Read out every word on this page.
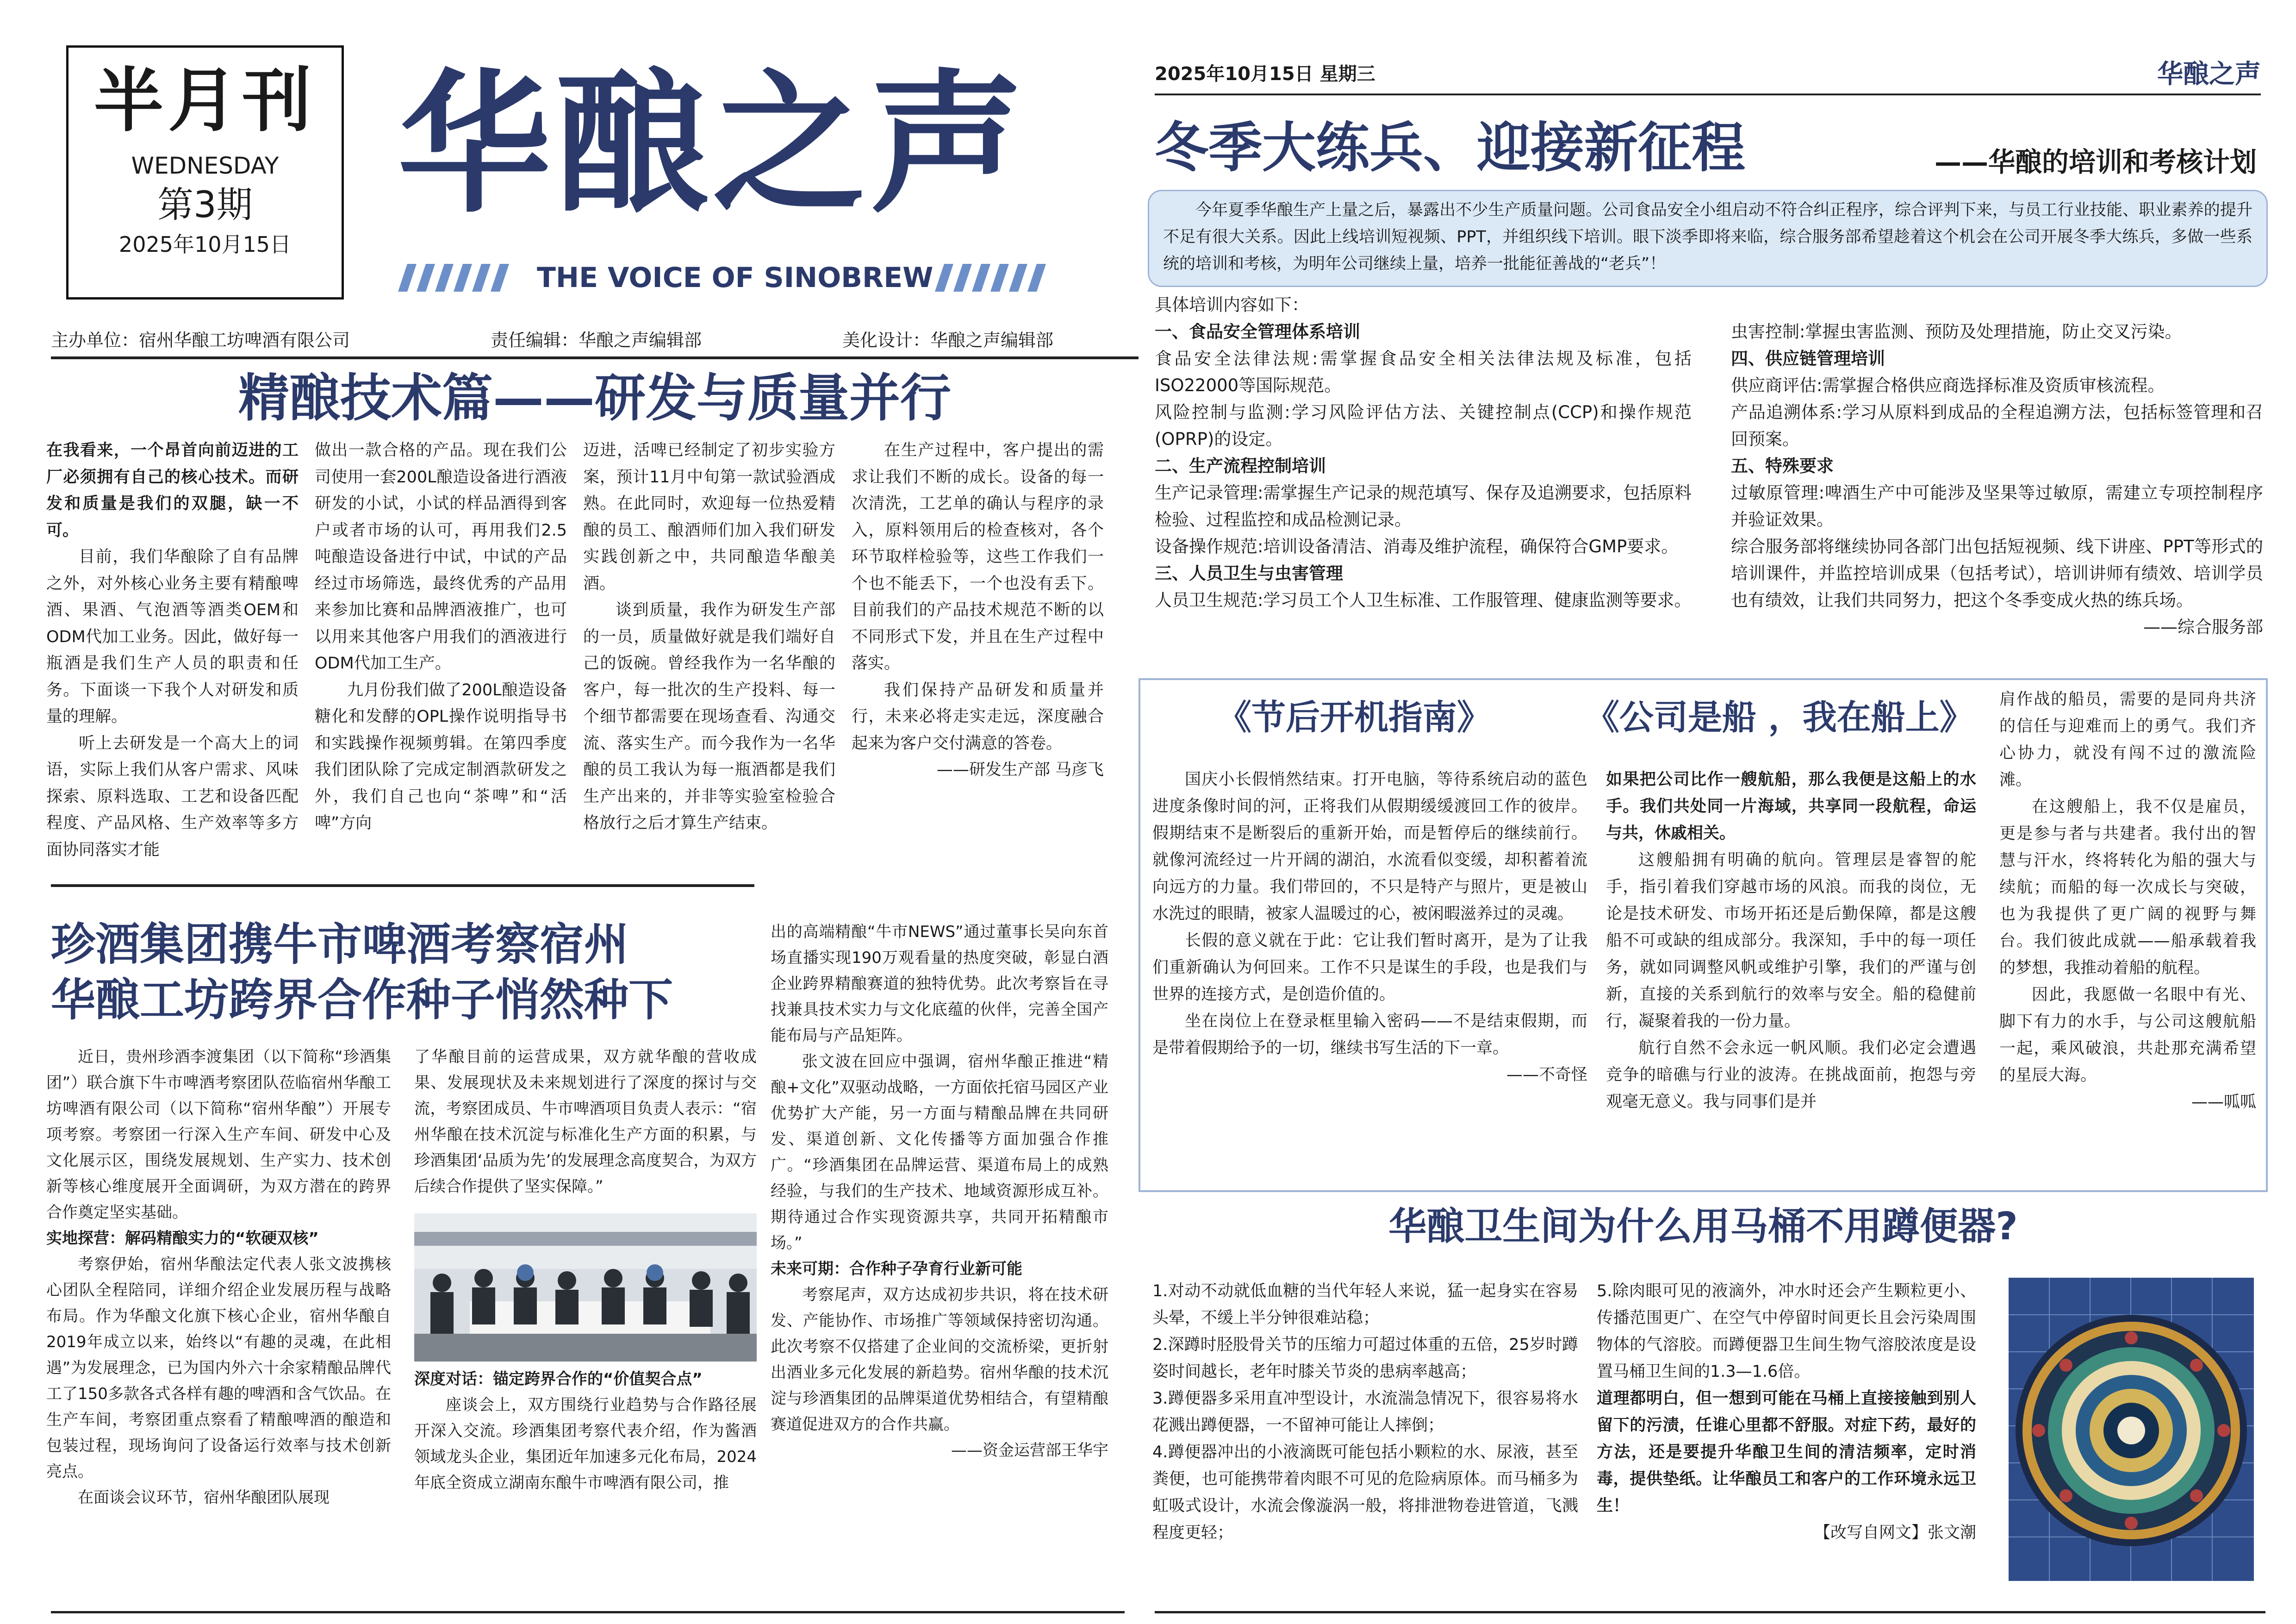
半月刊
WEDNESDAY
第3期
2025年10月15日
华酿之声
THE VOICE OF SINOBREW
主办单位：宿州华酿工坊啤酒有限公司	责任编辑：华酿之声编辑部	美化设计：华酿之声编辑部
精酿技术篇——研发与质量并行

在我看来，一个昂首向前迈进的工厂必须拥有自己的核心技术。而研发和质量是我们的双腿，缺一不可。

目前，我们华酿除了自有品牌之外，对外核心业务主要有精酿啤酒、果酒、气泡酒等酒类OEM和ODM代加工业务。因此，做好每一瓶酒是我们生产人员的职责和任务。下面谈一下我个人对研发和质量的理解。

听上去研发是一个高大上的词语，实际上我们从客户需求、风味探索、原料选取、工艺和设备匹配程度、产品风格、生产效率等多方面协同落实才能

做出一款合格的产品。现在我们公司使用一套200L酿造设备进行酒液研发的小试，小试的样品酒得到客户或者市场的认可，再用我们2.5吨酿造设备进行中试，中试的产品经过市场筛选，最终优秀的产品用来参加比赛和品牌酒液推广，也可以用来其他客户用我们的酒液进行ODM代加工生产。

九月份我们做了200L酿造设备糖化和发酵的OPL操作说明指导书和实践操作视频剪辑。在第四季度我们团队除了完成定制酒款研发之外，我们自己也向“茶啤”和“活啤”方向

迈进，活啤已经制定了初步实验方案，预计11月中旬第一款试验酒成熟。在此同时，欢迎每一位热爱精酿的员工、酿酒师们加入我们研发实践创新之中，共同酿造华酿美酒。

谈到质量，我作为研发生产部的一员，质量做好就是我们端好自己的饭碗。曾经我作为一名华酿的客户，每一批次的生产投料、每一个细节都需要在现场查看、沟通交流、落实生产。而今我作为一名华酿的员工我认为每一瓶酒都是我们生产出来的，并非等实验室检验合格放行之后才算生产结束。

在生产过程中，客户提出的需求让我们不断的成长。设备的每一次清洗，工艺单的确认与程序的录入，原料领用后的检查核对，各个环节取样检验等，这些工作我们一个也不能丢下，一个也没有丢下。目前我们的产品技术规范不断的以不同形式下发，并且在生产过程中落实。

我们保持产品研发和质量并行，未来必将走实走远，深度融合起来为客户交付满意的答卷。

——研发生产部 马彦飞

珍酒集团携牛市啤酒考察宿州
华酿工坊跨界合作种子悄然种下

近日，贵州珍酒李渡集团（以下简称“珍酒集团”）联合旗下牛市啤酒考察团队莅临宿州华酿工坊啤酒有限公司（以下简称“宿州华酿”）开展专项考察。考察团一行深入生产车间、研发中心及文化展示区，围绕发展规划、生产实力、技术创新等核心维度展开全面调研，为双方潜在的跨界合作奠定坚实基础。

实地探营：解码精酿实力的“软硬双核”

考察伊始，宿州华酿法定代表人张文波携核心团队全程陪同，详细介绍企业发展历程与战略布局。作为华酿文化旗下核心企业，宿州华酿自2019年成立以来，始终以“有趣的灵魂，在此相遇”为发展理念，已为国内外六十余家精酿品牌代工了150多款各式各样有趣的啤酒和含气饮品。在生产车间，考察团重点察看了精酿啤酒的酿造和包装过程，现场询问了设备运行效率与技术创新亮点。

在面谈会议环节，宿州华酿团队展现

了华酿目前的运营成果，双方就华酿的营收成果、发展现状及未来规划进行了深度的探讨与交流，考察团成员、牛市啤酒项目负责人表示：“宿州华酿在技术沉淀与标准化生产方面的积累，与珍酒集团‘品质为先’的发展理念高度契合，为双方后续合作提供了坚实保障。”

深度对话：锚定跨界合作的“价值契合点”

座谈会上，双方围绕行业趋势与合作路径展开深入交流。珍酒集团考察代表介绍，作为酱酒领域龙头企业，集团近年加速多元化布局，2024年底全资成立湖南东酿牛市啤酒有限公司，推

出的高端精酿“牛市NEWS”通过董事长吴向东首场直播实现190万观看量的热度突破，彰显白酒企业跨界精酿赛道的独特优势。此次考察旨在寻找兼具技术实力与文化底蕴的伙伴，完善全国产能布局与产品矩阵。

张文波在回应中强调，宿州华酿正推进“精酿+文化”双驱动战略，一方面依托宿马园区产业优势扩大产能，另一方面与精酿品牌在共同研发、渠道创新、文化传播等方面加强合作推广。“珍酒集团在品牌运营、渠道布局上的成熟经验，与我们的生产技术、地域资源形成互补。期待通过合作实现资源共享，共同开拓精酿市场。”

未来可期：合作种子孕育行业新可能

考察尾声，双方达成初步共识，将在技术研发、产能协作、市场推广等领域保持密切沟通。此次考察不仅搭建了企业间的交流桥梁，更折射出酒业多元化发展的新趋势。宿州华酿的技术沉淀与珍酒集团的品牌渠道优势相结合，有望精酿赛道促进双方的合作共赢。

——资金运营部王华宇

2025年10月15日 星期三	华酿之声
冬季大练兵、迎接新征程	——华酿的培训和考核计划
今年夏季华酿生产上量之后，暴露出不少生产质量问题。公司食品安全小组启动不符合纠正程序，综合评判下来，与员工行业技能、职业素养的提升不足有很大关系。因此上线培训短视频、PPT，并组织线下培训。眼下淡季即将来临，综合服务部希望趁着这个机会在公司开展冬季大练兵，多做一些系统的培训和考核，为明年公司继续上量，培养一批能征善战的“老兵”！

具体培训内容如下：

一、食品安全管理体系培训

食品安全法律法规:需掌握食品安全相关法律法规及标准，包括ISO22000等国际规范。

风险控制与监测:学习风险评估方法、关键控制点(CCP)和操作规范(OPRP)的设定。

二、生产流程控制培训

生产记录管理:需掌握生产记录的规范填写、保存及追溯要求，包括原料检验、过程监控和成品检测记录。

设备操作规范:培训设备清洁、消毒及维护流程，确保符合GMP要求。

三、人员卫生与虫害管理

人员卫生规范:学习员工个人卫生标准、工作服管理、健康监测等要求。

虫害控制:掌握虫害监测、预防及处理措施，防止交叉污染。

四、供应链管理培训

供应商评估:需掌握合格供应商选择标准及资质审核流程。

产品追溯体系:学习从原料到成品的全程追溯方法，包括标签管理和召回预案。

五、特殊要求

过敏原管理:啤酒生产中可能涉及坚果等过敏原，需建立专项控制程序并验证效果。

综合服务部将继续协同各部门出包括短视频、线下讲座、PPT等形式的培训课件，并监控培训成果（包括考试），培训讲师有绩效、培训学员也有绩效，让我们共同努力，把这个冬季变成火热的练兵场。

——综合服务部

《节后开机指南》

国庆小长假悄然结束。打开电脑，等待系统启动的蓝色进度条像时间的河，正将我们从假期缓缓渡回工作的彼岸。假期结束不是断裂后的重新开始，而是暂停后的继续前行。就像河流经过一片开阔的湖泊，水流看似变缓，却积蓄着流向远方的力量。我们带回的，不只是特产与照片，更是被山水洗过的眼睛，被家人温暖过的心，被闲暇滋养过的灵魂。

长假的意义就在于此：它让我们暂时离开，是为了让我们重新确认为何回来。工作不只是谋生的手段，也是我们与世界的连接方式，是创造价值的。

坐在岗位上在登录框里输入密码——不是结束假期，而是带着假期给予的一切，继续书写生活的下一章。

——不奇怪

《公司是船 ，我在船上》

如果把公司比作一艘航船，那么我便是这船上的水手。我们共处同一片海域，共享同一段航程，命运与共，休戚相关。

这艘船拥有明确的航向。管理层是睿智的舵手，指引着我们穿越市场的风浪。而我的岗位，无论是技术研发、市场开拓还是后勤保障，都是这艘船不可或缺的组成部分。我深知，手中的每一项任务，就如同调整风帆或维护引擎，我们的严谨与创新，直接的关系到航行的效率与安全。船的稳健前行，凝聚着我的一份力量。

航行自然不会永远一帆风顺。我们必定会遭遇竞争的暗礁与行业的波涛。在挑战面前，抱怨与旁观毫无意义。我与同事们是并

肩作战的船员，需要的是同舟共济的信任与迎难而上的勇气。我们齐心协力，就没有闯不过的激流险滩。

在这艘船上，我不仅是雇员，更是参与者与共建者。我付出的智慧与汗水，终将转化为船的强大与续航；而船的每一次成长与突破，也为我提供了更广阔的视野与舞台。我们彼此成就——船承载着我的梦想，我推动着船的航程。

因此，我愿做一名眼中有光、脚下有力的水手，与公司这艘航船一起，乘风破浪，共赴那充满希望的星辰大海。

——呱呱

华酿卫生间为什么用马桶不用蹲便器?

1.对动不动就低血糖的当代年轻人来说，猛一起身实在容易头晕，不缓上半分钟很难站稳；

2.深蹲时胫股骨关节的压缩力可超过体重的五倍，25岁时蹲姿时间越长，老年时膝关节炎的患病率越高；

3.蹲便器多采用直冲型设计，水流湍急情况下，很容易将水花溅出蹲便器，一不留神可能让人摔倒；

4.蹲便器冲出的小液滴既可能包括小颗粒的水、尿液，甚至粪便，也可能携带着肉眼不可见的危险病原体。而马桶多为虹吸式设计，水流会像漩涡一般，将排泄物卷进管道，飞溅程度更轻；

5.除肉眼可见的液滴外，冲水时还会产生颗粒更小、传播范围更广、在空气中停留时间更长且会污染周围物体的气溶胶。而蹲便器卫生间生物气溶胶浓度是设置马桶卫生间的1.3—1.6倍。

道理都明白，但一想到可能在马桶上直接接触到别人留下的污渍，任谁心里都不舒服。对症下药，最好的方法，还是要提升华酿卫生间的清洁频率，定时消毒，提供垫纸。让华酿员工和客户的工作环境永远卫生！

【改写自网文】张文潮
